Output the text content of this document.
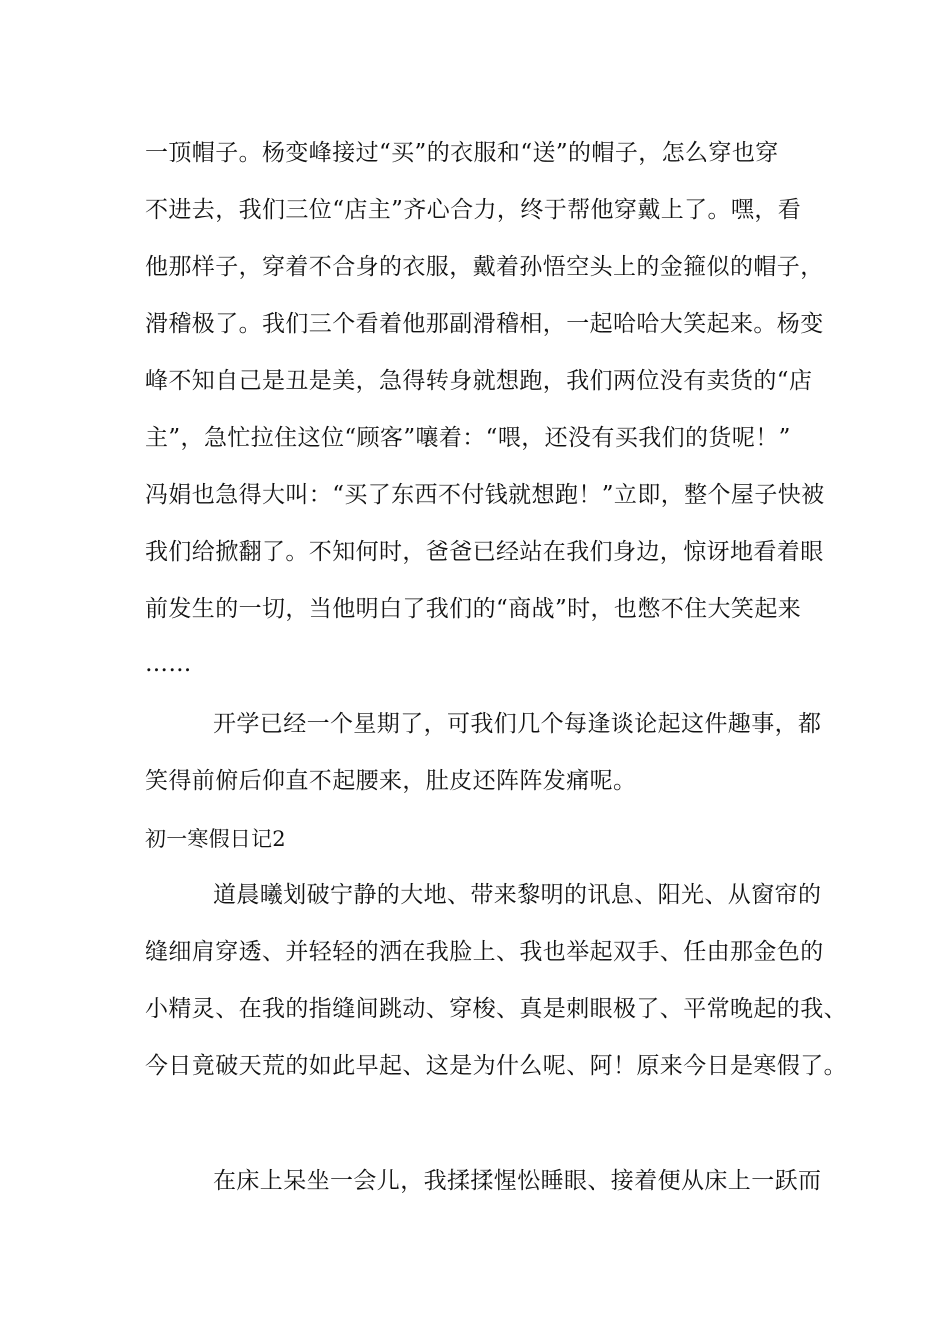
一顶帽子。杨变峰接过“买”的衣服和“送”的帽子，怎么穿也穿
不进去，我们三位“店主”齐心合力，终于帮他穿戴上了。嘿，看
他那样子，穿着不合身的衣服，戴着孙悟空头上的金箍似的帽子，
滑稽极了。我们三个看着他那副滑稽相，一起哈哈大笑起来。杨变
峰不知自己是丑是美，急得转身就想跑，我们两位没有卖货的“店
主”，急忙拉住这位“顾客”嚷着：“喂，还没有买我们的货呢！”
冯娟也急得大叫：“买了东西不付钱就想跑！”立即，整个屋子快被
我们给掀翻了。不知何时，爸爸已经站在我们身边，惊讶地看着眼
前发生的一切，当他明白了我们的“商战”时，也憋不住大笑起来
……
开学已经一个星期了，可我们几个每逢谈论起这件趣事，都
笑得前俯后仰直不起腰来，肚皮还阵阵发痛呢。
初一寒假日记2
道晨曦划破宁静的大地、带来黎明的讯息、阳光、从窗帘的
缝细肩穿透、并轻轻的洒在我脸上、我也举起双手、任由那金色的
小精灵、在我的指缝间跳动、穿梭、真是刺眼极了、平常晚起的我、
今日竟破天荒的如此早起、这是为什么呢、阿！原来今日是寒假了。
在床上呆坐一会儿，我揉揉惺忪睡眼、接着便从床上一跃而
